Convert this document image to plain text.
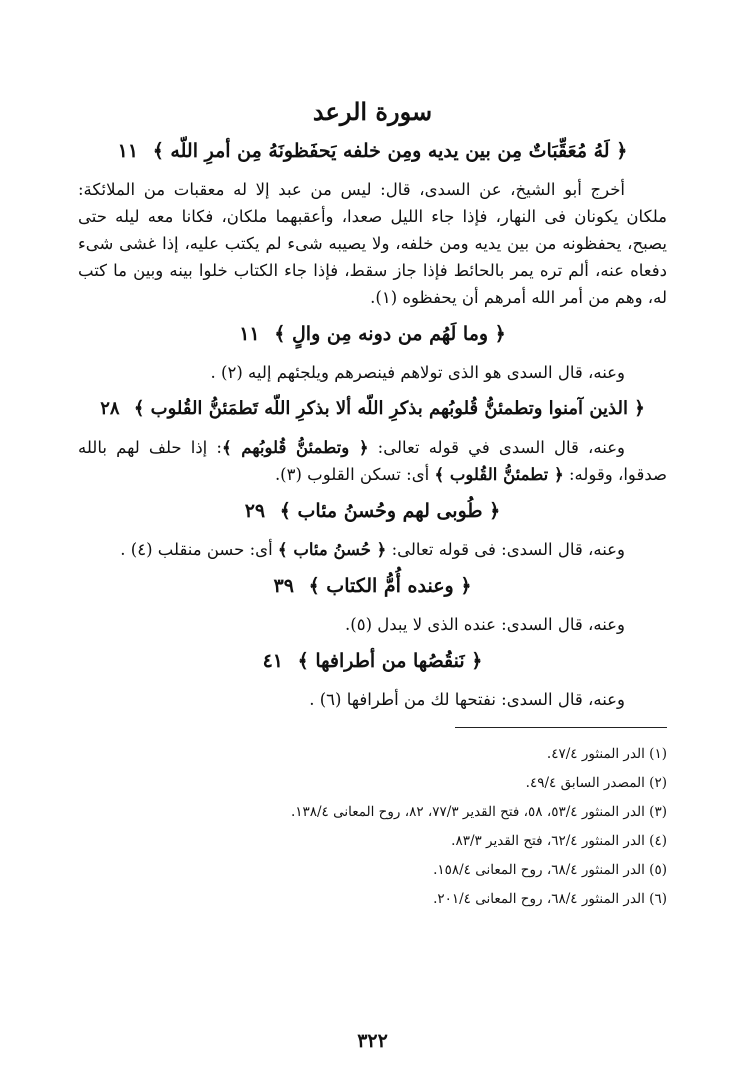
سورة الرعد
﴿ لَهُ مُعَقِّبَاتٌ مِن بين يديه ومِن خلفه يَحفَظونَهُ مِن أمرِ اللّه ﴾ ١١

أخرج أبو الشيخ، عن السدى، قال: ليس من عبد إلا له معقبات من الملائكة: ملكان يكونان فى النهار، فإذا جاء الليل صعدا، وأعقبهما ملكان، فكانا معه ليله حتى يصبح، يحفظونه من بين يديه ومن خلفه، ولا يصيبه شىء لم يكتب عليه، إذا غشى شىء دفعاه عنه، ألم تره يمر بالحائط فإذا جاز سقط، فإذا جاء الكتاب خلوا بينه وبين ما كتب له، وهم من أمر الله أمرهم أن يحفظوه (١).

﴿ وما لَهُم من دونه مِن والٍ ﴾ ١١

وعنه، قال السدى هو الذى تولاهم فينصرهم ويلجئهم إليه (٢) .

﴿ الذين آمنوا وتطمئنُّ قُلوبُهم بذكرِ اللّه ألا بذكرِ اللّه تَطمَئنُّ القُلوب ﴾ ٢٨

وعنه، قال السدى في قوله تعالى: ﴿ وتطمئنُّ قُلوبُهم ﴾: إذا حلف لهم بالله صدقوا، وقوله: ﴿ تطمئنُّ القُلوب ﴾ أى: تسكن القلوب (٣).

﴿ طُوبى لهم وحُسنُ مئاب ﴾ ٢٩

وعنه، قال السدى: فى قوله تعالى: ﴿ حُسنُ مئاب ﴾ أى: حسن منقلب (٤) .

﴿ وعنده أُمُّ الكتاب ﴾ ٣٩

وعنه، قال السدى: عنده الذى لا يبدل (٥).

﴿ نَنقُصُها من أطرافها ﴾ ٤١

وعنه، قال السدى: نفتحها لك من أطرافها (٦) .

(١) الدر المنثور ٤٧/٤.
(٢) المصدر السابق ٤٩/٤.
(٣) الدر المنثور ٥٣/٤، ٥٨، فتح القدير ٧٧/٣، ٨٢، روح المعانى ١٣٨/٤.
(٤) الدر المنثور ٦٢/٤، فتح القدير ٨٣/٣.
(٥) الدر المنثور ٦٨/٤، روح المعانى ١٥٨/٤.
(٦) الدر المنثور ٦٨/٤، روح المعانى ٢٠١/٤.
٣٢٢
